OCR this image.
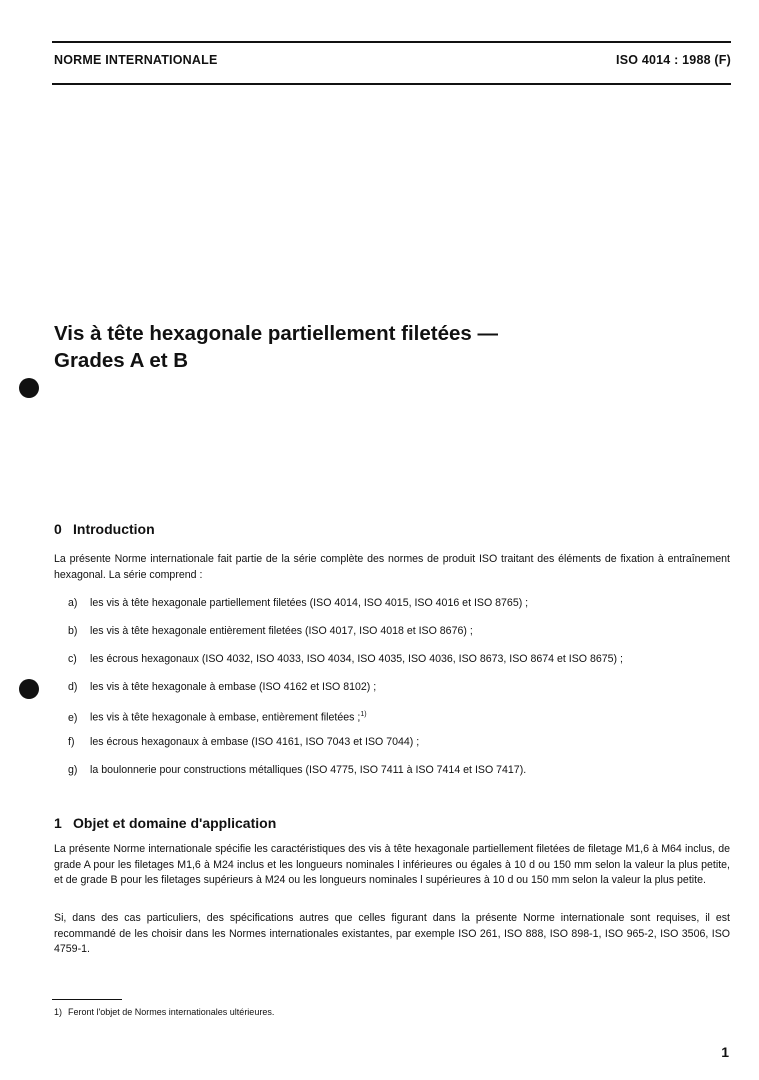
NORME INTERNATIONALE	ISO 4014 : 1988 (F)
Vis à tête hexagonale partiellement filetées —
Grades A et B
0 Introduction
La présente Norme internationale fait partie de la série complète des normes de produit ISO traitant des éléments de fixation à entraînement hexagonal. La série comprend :
a) les vis à tête hexagonale partiellement filetées (ISO 4014, ISO 4015, ISO 4016 et ISO 8765) ;
b) les vis à tête hexagonale entièrement filetées (ISO 4017, ISO 4018 et ISO 8676) ;
c) les écrous hexagonaux (ISO 4032, ISO 4033, ISO 4034, ISO 4035, ISO 4036, ISO 8673, ISO 8674 et ISO 8675) ;
d) les vis à tête hexagonale à embase (ISO 4162 et ISO 8102) ;
e) les vis à tête hexagonale à embase, entièrement filetées ;$^{1)}$
f) les écrous hexagonaux à embase (ISO 4161, ISO 7043 et ISO 7044) ;
g) la boulonnerie pour constructions métalliques (ISO 4775, ISO 7411 à ISO 7414 et ISO 7417).
1 Objet et domaine d'application
La présente Norme internationale spécifie les caractéristiques des vis à tête hexagonale partiellement filetées de filetage M1,6 à M64 inclus, de grade A pour les filetages M1,6 à M24 inclus et les longueurs nominales l inférieures ou égales à 10 d ou 150 mm selon la valeur la plus petite, et de grade B pour les filetages supérieurs à M24 ou les longueurs nominales l supérieures à 10 d ou 150 mm selon la valeur la plus petite.
Si, dans des cas particuliers, des spécifications autres que celles figurant dans la présente Norme internationale sont requises, il est recommandé de les choisir dans les Normes internationales existantes, par exemple ISO 261, ISO 888, ISO 898-1, ISO 965-2, ISO 3506, ISO 4759-1.
1) Feront l'objet de Normes internationales ultérieures.
1
